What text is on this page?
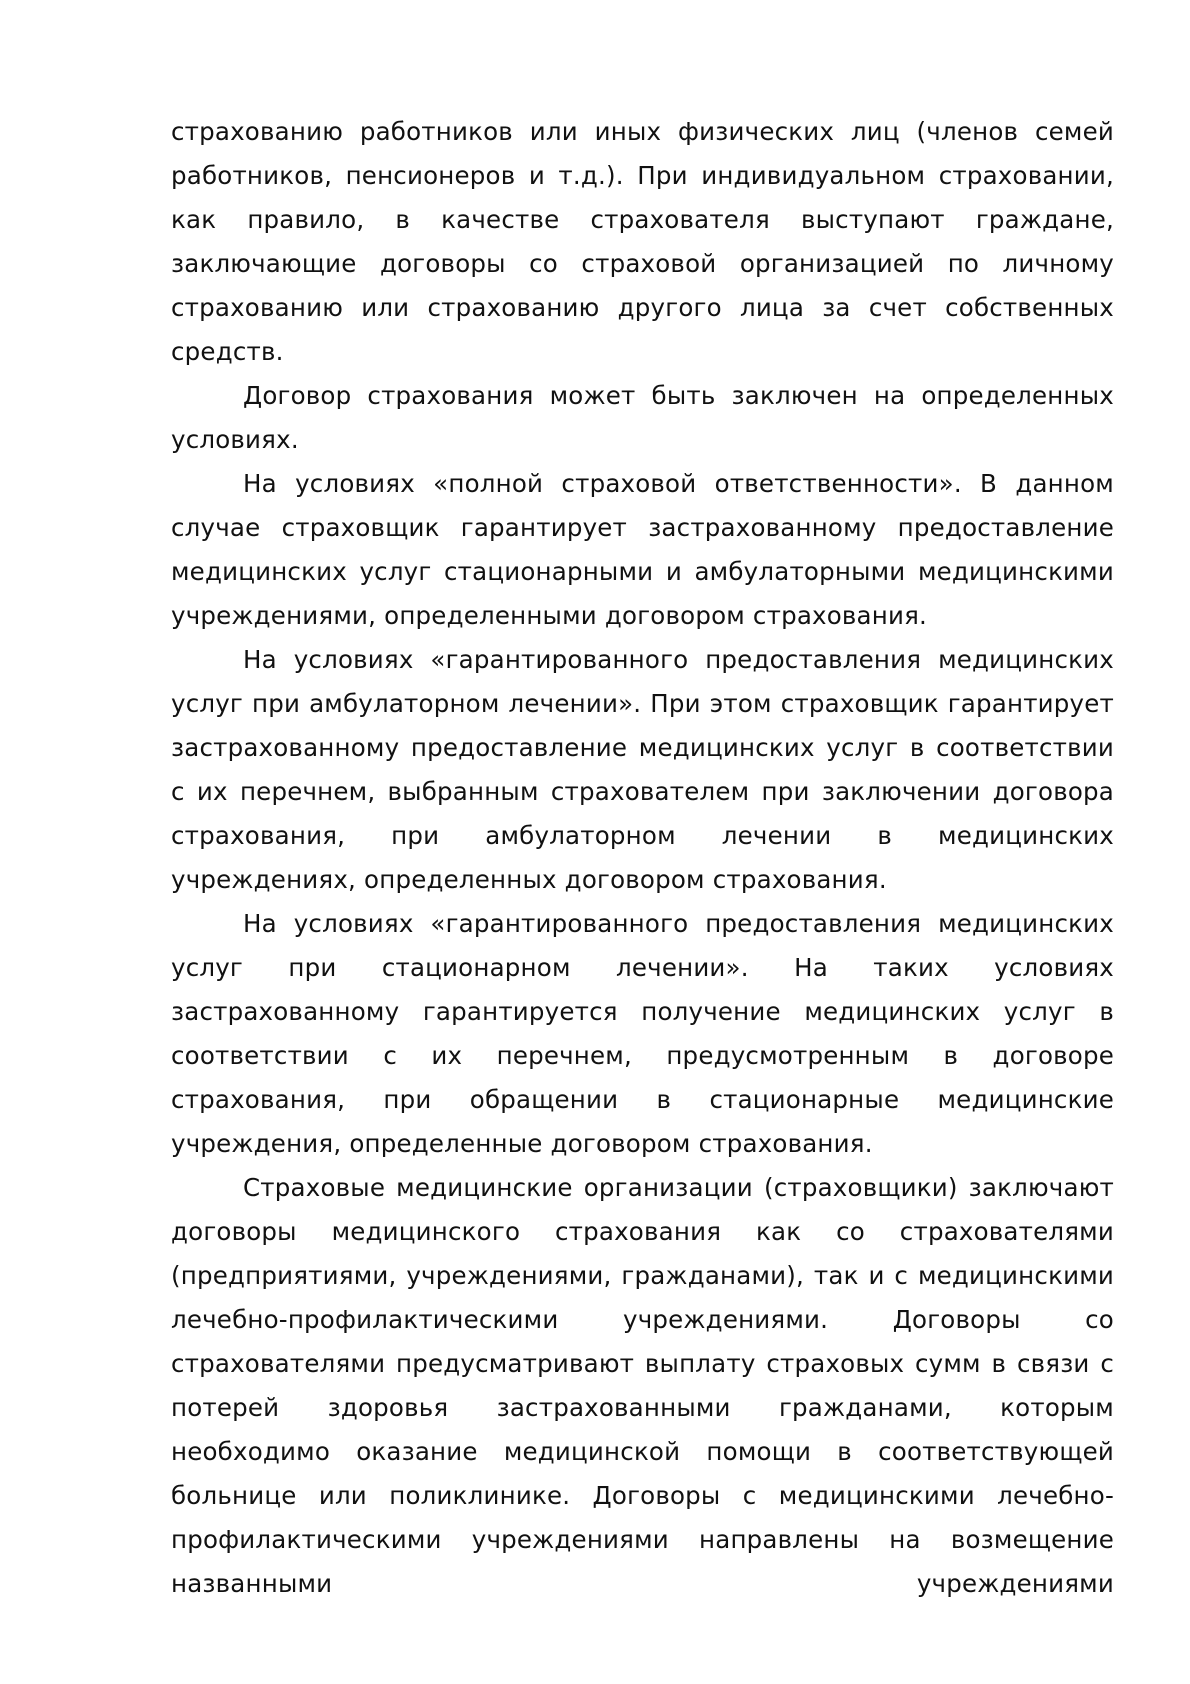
страхованию работников или иных физических лиц (членов семей работников, пенсионеров и т.д.). При индивидуальном страховании, как правило, в качестве страхователя выступают граждане, заключающие договоры со страховой организацией по личному страхованию или страхованию другого лица за счет собственных средств.

Договор страхования может быть заключен на определенных условиях.

На условиях «полной страховой ответственности». В данном случае страховщик гарантирует застрахованному предоставление медицинских услуг стационарными и амбулаторными медицинскими учреждениями, определенными договором страхования.

На условиях «гарантированного предоставления медицинских услуг при амбулаторном лечении». При этом страховщик гарантирует застрахованному предоставление медицинских услуг в соответствии с их перечнем, выбранным страхователем при заключении договора страхования, при амбулаторном лечении в медицинских учреждениях, определенных договором страхования.

На условиях «гарантированного предоставления медицинских услуг при стационарном лечении». На таких условиях застрахованному гарантируется получение медицинских услуг в соответствии с их перечнем, предусмотренным в договоре страхования, при обращении в стационарные медицинские учреждения, определенные договором страхования.

Страховые медицинские организации (страховщики) заключают договоры медицинского страхования как со страхователями (предприятиями, учреждениями, гражданами), так и с медицинскими лечебно-профилактическими учреждениями. Договоры со страхователями предусматривают выплату страховых сумм в связи с потерей здоровья застрахованными гражданами, которым необходимо оказание медицинской помощи в соответствующей больнице или поликлинике. Договоры с медицинскими лечебно-профилактическими учреждениями направлены на возмещение названными учреждениями
